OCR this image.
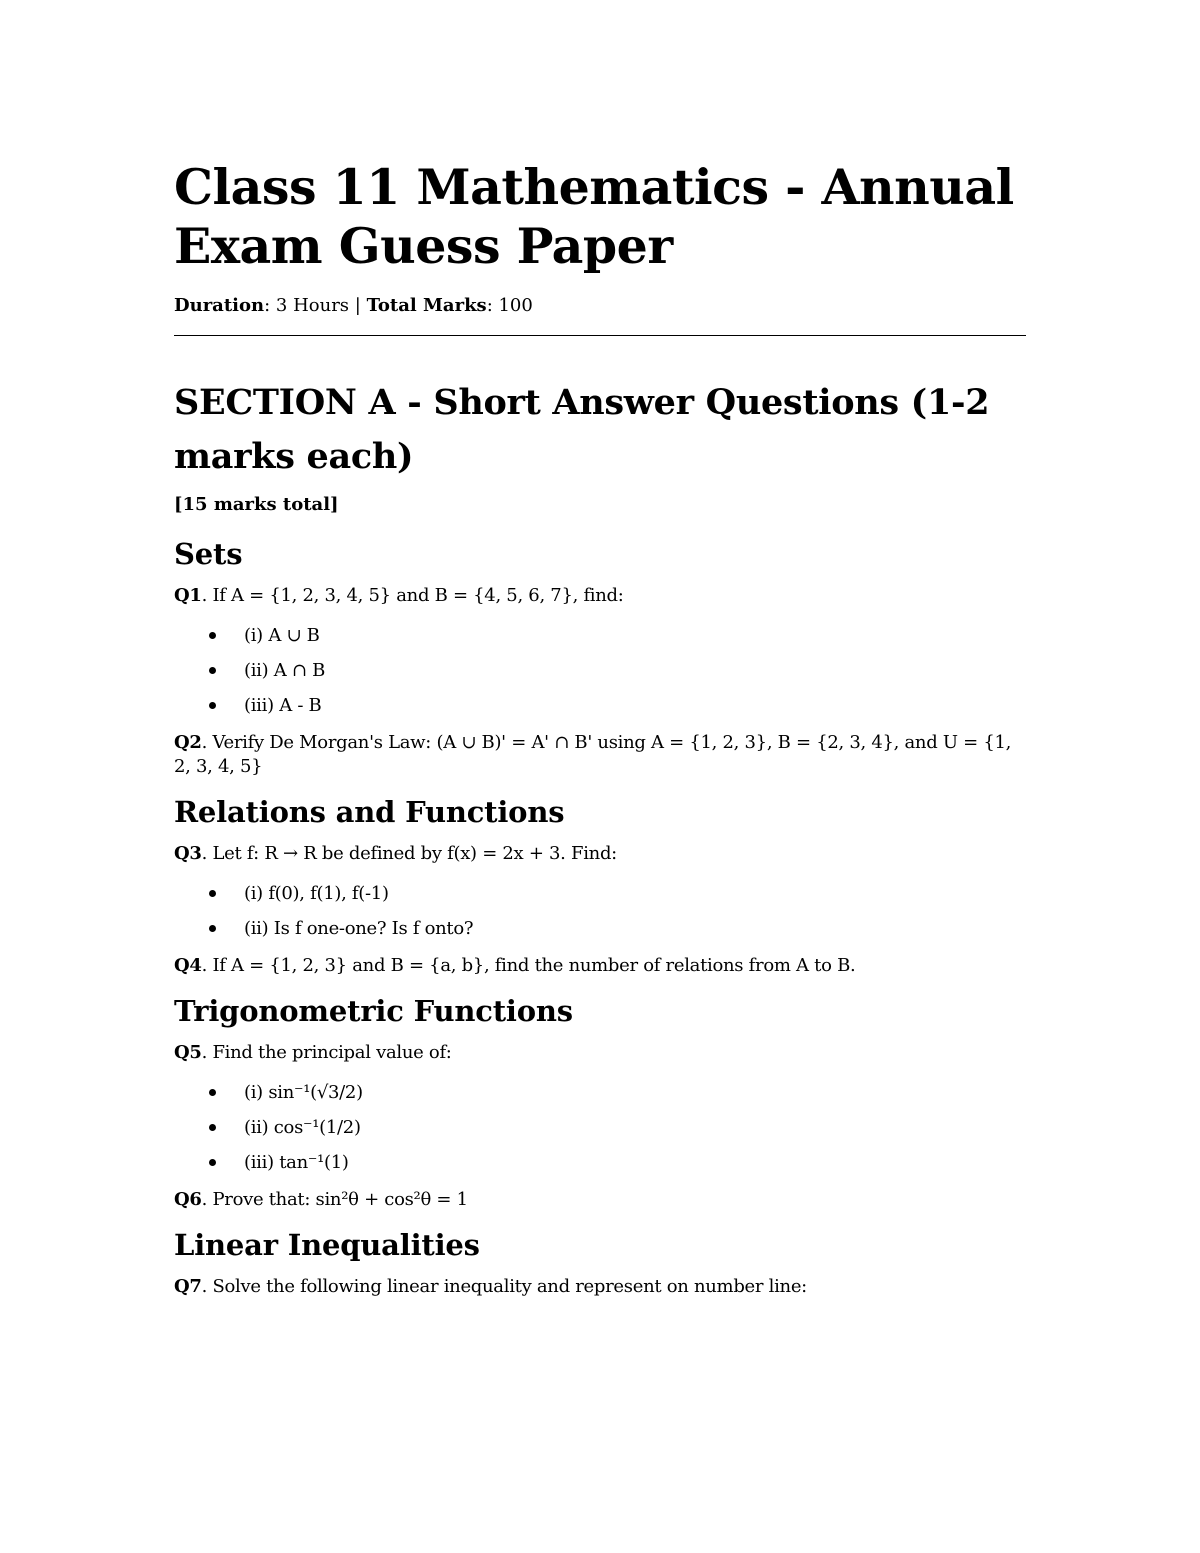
Class 11 Mathematics - Annual Exam Guess Paper
Duration: 3 Hours | Total Marks: 100
SECTION A - Short Answer Questions (1-2 marks each)
[15 marks total]
Sets

Q1. If A = {1, 2, 3, 4, 5} and B = {4, 5, 6, 7}, find:

(i) A ∪ B
(ii) A ∩ B
(iii) A - B

Q2. Verify De Morgan's Law: (A ∪ B)' = A' ∩ B' using A = {1, 2, 3}, B = {2, 3, 4}, and U = {1, 2, 3, 4, 5}

Relations and Functions

Q3. Let f: R → R be defined by f(x) = 2x + 3. Find:

(i) f(0), f(1), f(-1)
(ii) Is f one-one? Is f onto?

Q4. If A = {1, 2, 3} and B = {a, b}, find the number of relations from A to B.

Trigonometric Functions

Q5. Find the principal value of:

(i) sin⁻¹(√3/2)
(ii) cos⁻¹(1/2)
(iii) tan⁻¹(1)

Q6. Prove that: sin²θ + cos²θ = 1

Linear Inequalities

Q7. Solve the following linear inequality and represent on number line:
